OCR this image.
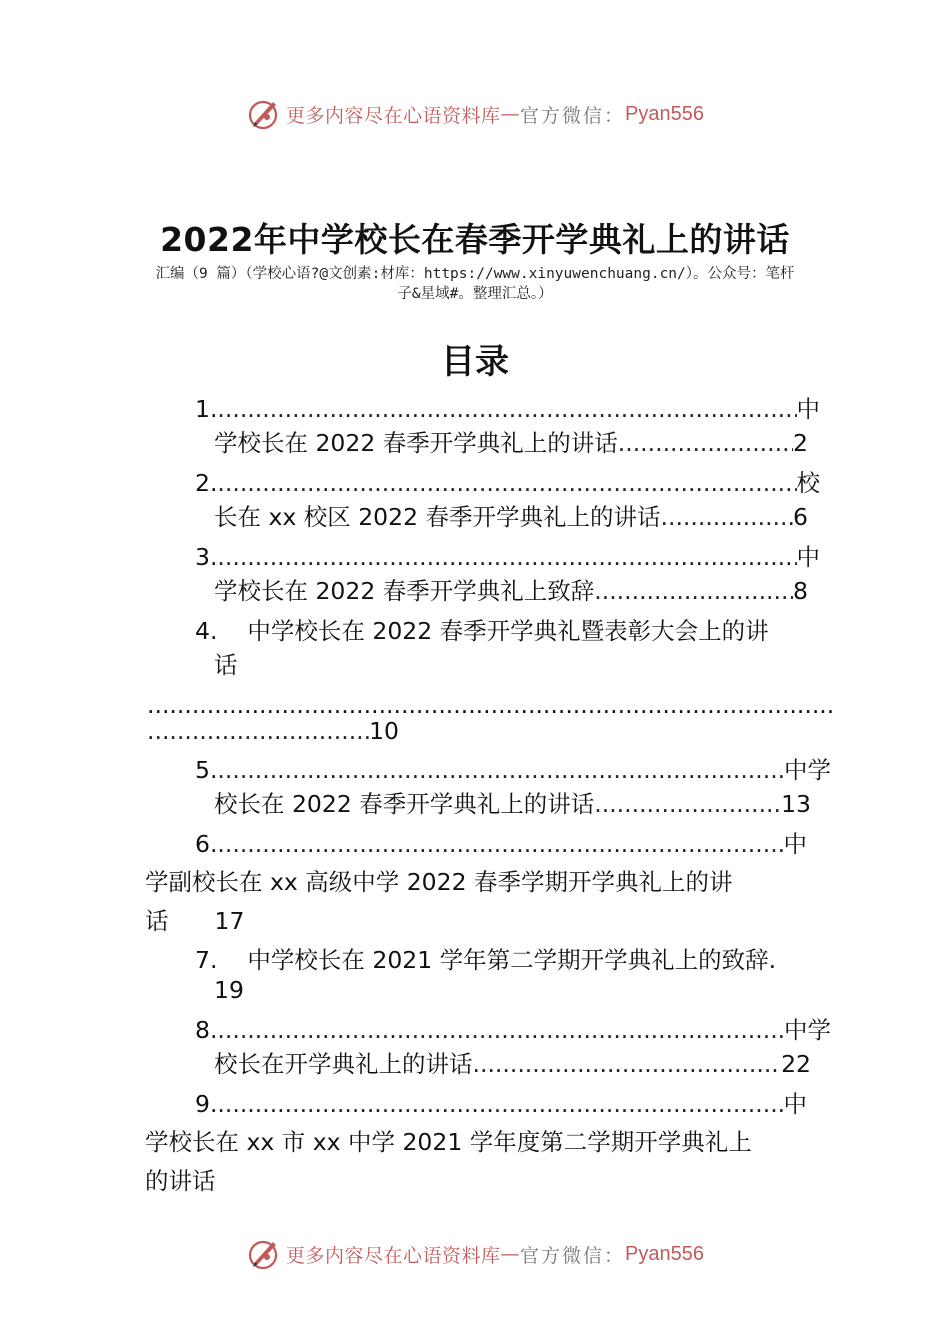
更多内容尽在心语资料库 — 官方微信： Pyan556
2022年中学校长在春季开学典礼上的讲话
汇编（9 篇）（学校心语?@文创素:材库：https://www.xinyuwenchuang.cn/）。公众号：笔杆子&星域#。整理汇总。）
目录
1. .....	中
学校长在 2022 春季开学典礼上的讲话 .....	2
2. .....	校
长在 xx 校区 2022 春季开学典礼上的讲话 .....	6
3. .....	中
学校长在 2022 春季开学典礼上致辞 .....	8
4. 中学校长在 2022 春季开学典礼暨表彰大会上的讲
话
.....
.....
10
5. .....	中学
校长在 2022 春季开学典礼上的讲话 .....	13
6. .....	中
学副校长在 xx 高级中学 2022 春季学期开学典礼上的讲
话 17
7. 中学校长在 2021 学年第二学期开学典礼上的致辞.
19
8. .....	中学
校长在开学典礼上的讲话 .....	22
9. .....	中
学校长在 xx 市 xx 中学 2021 学年度第二学期开学典礼上
的讲话
更多内容尽在心语资料库 — 官方微信： Pyan556
